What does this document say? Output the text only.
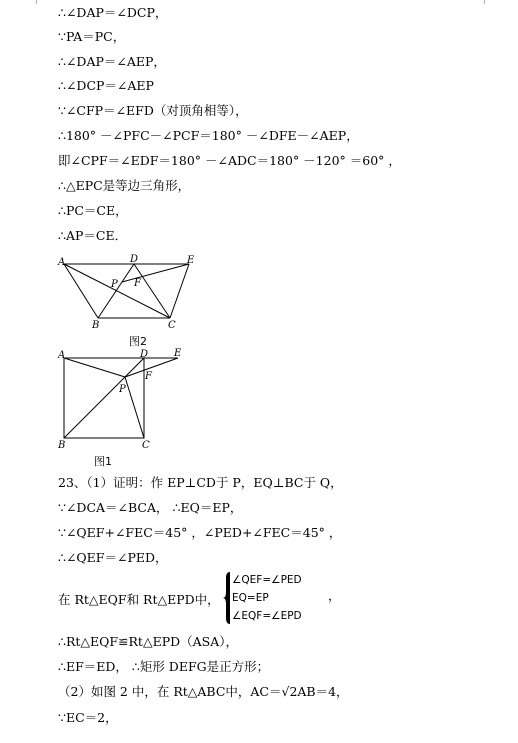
∴∠DAP＝∠DCP，
∵PA＝PC，
∴∠DAP＝∠AEP，
∴∠DCP＝∠AEP
∵∠CFP＝∠EFD（对顶角相等），
∴180° －∠PFC－∠PCF＝180° －∠DFE－∠AEP，
即∠CPF＝∠EDF＝180° －∠ADC＝180° －120° ＝60° ，
∴△EPC是等边三角形，
∴PC＝CE，
∴AP＝CE．
A	D	E
P F
B	C
图2
A	D	E
F
P
B	C
图1
23、（1）证明：作 EP⊥CD于 P，EQ⊥BC于 Q，
∵∠DCA＝∠BCA， ∴EQ＝EP，
∵∠QEF+∠FEC＝45° ，∠PED+∠FEC＝45° ，
∴∠QEF＝∠PED，
在 Rt△EQF和 Rt△EPD中，
∠QEF=∠PED
EQ=EP
∠EQF=∠EPD
，
∴Rt△EQF≌Rt△EPD（ASA），
∴EF＝ED， ∴矩形 DEFG是正方形；
（2）如图 2 中，在 Rt△ABC中，AC＝√2AB＝4，
∵EC＝2，
